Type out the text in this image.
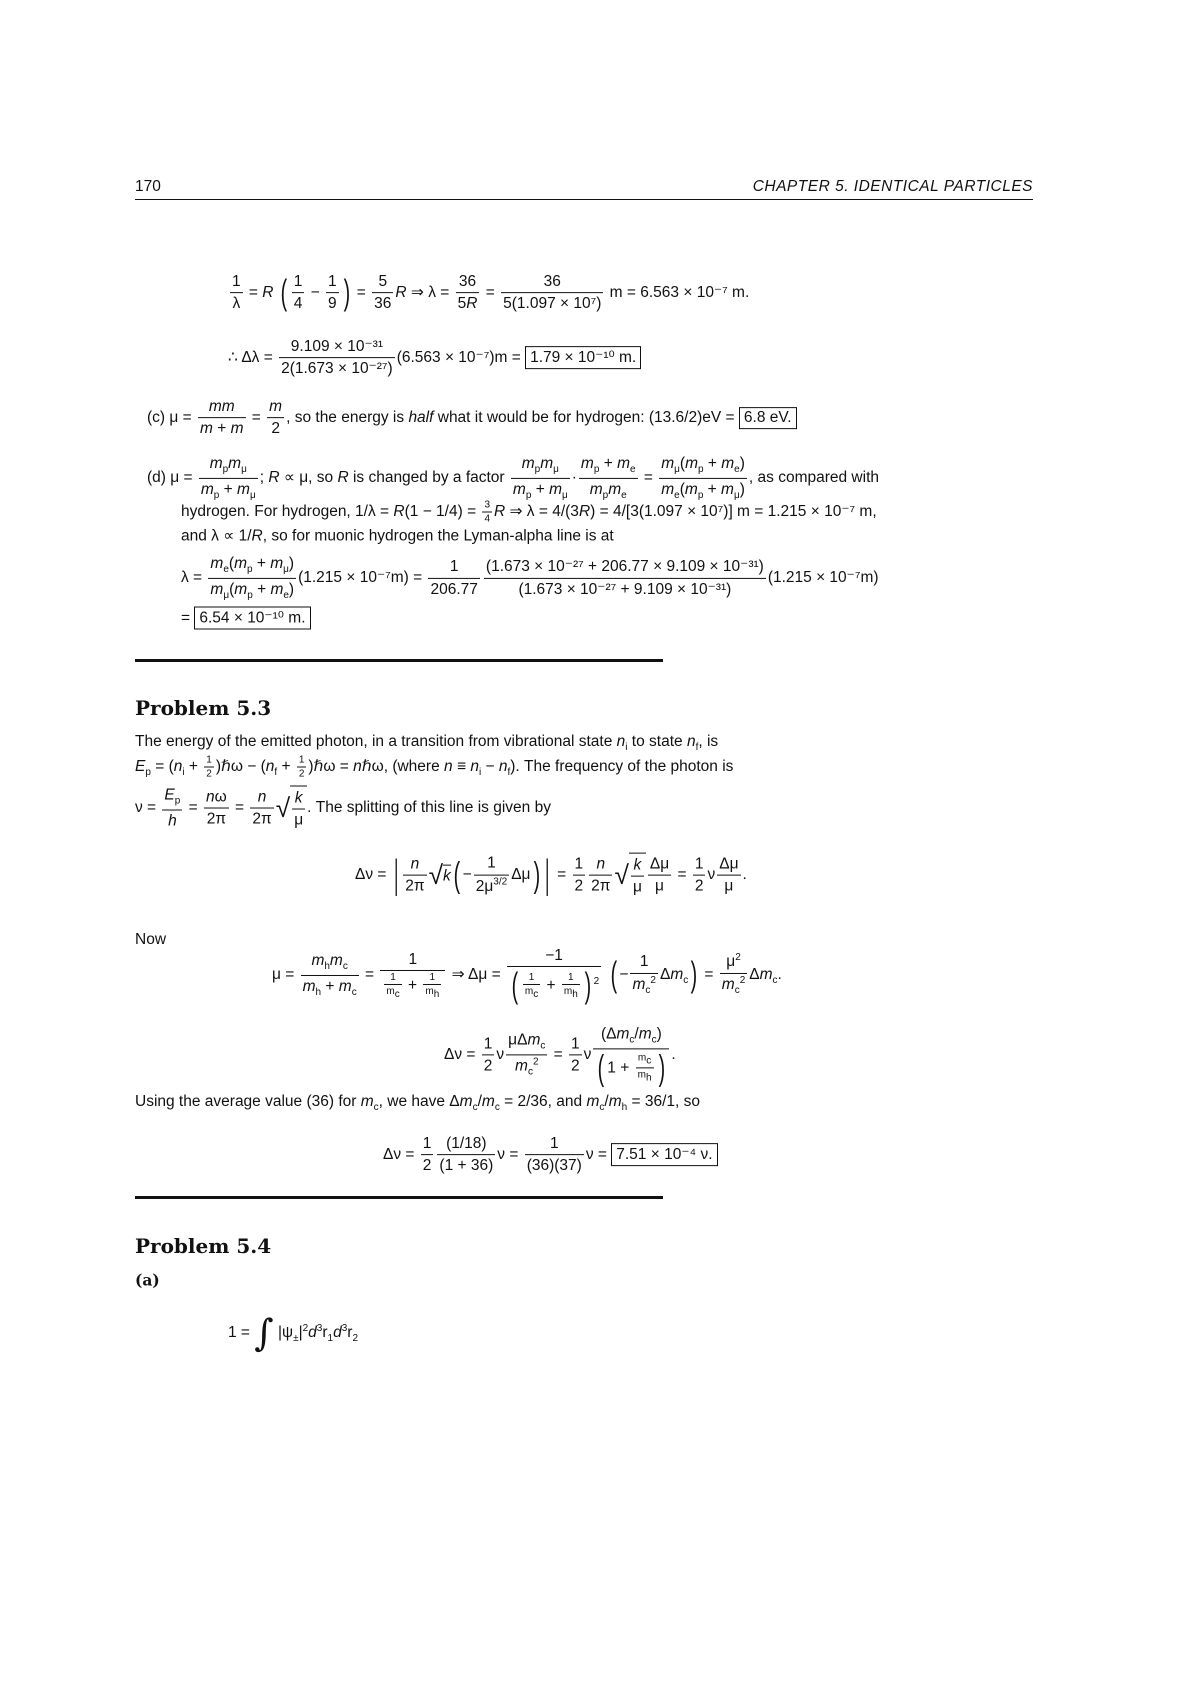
170	CHAPTER 5. IDENTICAL PARTICLES
$\frac{1}{\lambda} = R$ ( $\frac{1}{4} - \frac{1}{9}$ ) = $\frac{5}{36}$ R ⇒ $\lambda = \frac{36}{5R} = \frac{36}{\text{5(1.097 × 10⁷)}}$ m = 6.563 × 10⁻⁷ m.
∴ $\Delta\lambda = \frac{\text{9.109 × 10⁻³¹}}{\text{2(1.673 × 10⁻²⁷)}} (6.563 \times 10^{-7})m = 1.79 \times 10^{-10}$ m.
(c) $\mu = \frac{mm}{m + m} = \frac{m}{2}$ , so the energy is half what it would be for hydrogen: (13.6/2)eV = 6.8 eV.
(d) $\mu = \frac{m_pm_\mu}{m_p + m_\mu}$ ; R ∝ μ, so R is changed by a factor $\frac{m_pm_\mu}{m_p + m_\mu} \cdot \frac{m_p + m_e}{m_pm_e} = \frac{m_\mu(m_p + m_e)}{m_e(m_p + m_\mu)}$ , as compared with
hydrogen. For hydrogen, $1/\lambda = R(1 - 1/4) = \frac{3}{4}$ R ⇒ λ = 4/(3R) = 4/[3(1.097 × 10⁷)] m = 1.215 × 10⁻⁷ m,
and λ ∝ 1/R, so for muonic hydrogen the Lyman-alpha line is at
$\lambda = \frac{m_e(m_p + m_\mu)}{m_\mu(m_p + m_e)} (1.215 \times 10^{-7}m) = \frac{1}{206.77} \frac{\text{(1.673 × 10⁻²⁷ + 206.77 × 9.109 × 10⁻³¹)}}{\text{(1.673 × 10⁻²⁷ + 9.109 × 10⁻³¹)}} (1.215 \times 10^{-7}m)$
= 6.54 × 10⁻¹⁰ m.
Problem 5.3
The energy of the emitted photon, in a transition from vibrational state $n_i$ to state $n_f$, is
$E_p = (n_i + \frac{1}{2}$ )ℏω − ($n_f + \frac{1}{2}$ )ℏω = nℏω, (where $n \equiv n_i - n_f$). The frequency of the photon is
$\nu = \frac{E_p}{h} = \frac{n\omega}{2\pi} = \frac{n}{2\pi}$ √ $\frac{k}{\mu}$ . The splitting of this line is given by
Δν = | $\frac{n}{2\pi} √k( - \frac{1}{2\mu^{3/2}} \Delta\mu)$ | = $\frac{1}{2} \frac{n}{2\pi}$ √ $\frac{k}{\mu} \frac{\Delta\mu}{\mu} = \frac{1}{2}$ ν $\frac{\Delta\mu}{\mu}$ .
Now
$\mu = \frac{m_hm_c}{m_h + m_c} = \frac{1}{\frac{1}{m_c} + \frac{1}{m_h}}$ ⇒ $\Delta\mu = \frac{-1}{( \frac{1}{m_c} + \frac{1}{m_h} ) ^2}$ ( − $\frac{1}{m_c^2} \Delta m_c) = \frac{\mu^2}{m_c^2} \Delta m_c$.
$\Delta\nu = \frac{1}{2}$ ν $\frac{\mu\Delta m_c}{m_c^2} = \frac{1}{2}$ ν $\frac{(\Delta m_c/m_c)}{( 1 + \frac{m_c}{m_h} )}$ .
Using the average value (36) for $m_c$, we have $\Delta m_c/m_c = 2/36$, and $m_c/m_h = 36/1$, so
$\Delta\nu = \frac{1}{2} \frac{(1/18)}{(1 + 36)}$ $\nu = \frac{1}{(36)(37)}$ ν = 7.51 × 10⁻⁴ ν.
Problem 5.4
(a)
1 = ∫ $|\psi_\pm|^2d^3r_1d^3r_2$
